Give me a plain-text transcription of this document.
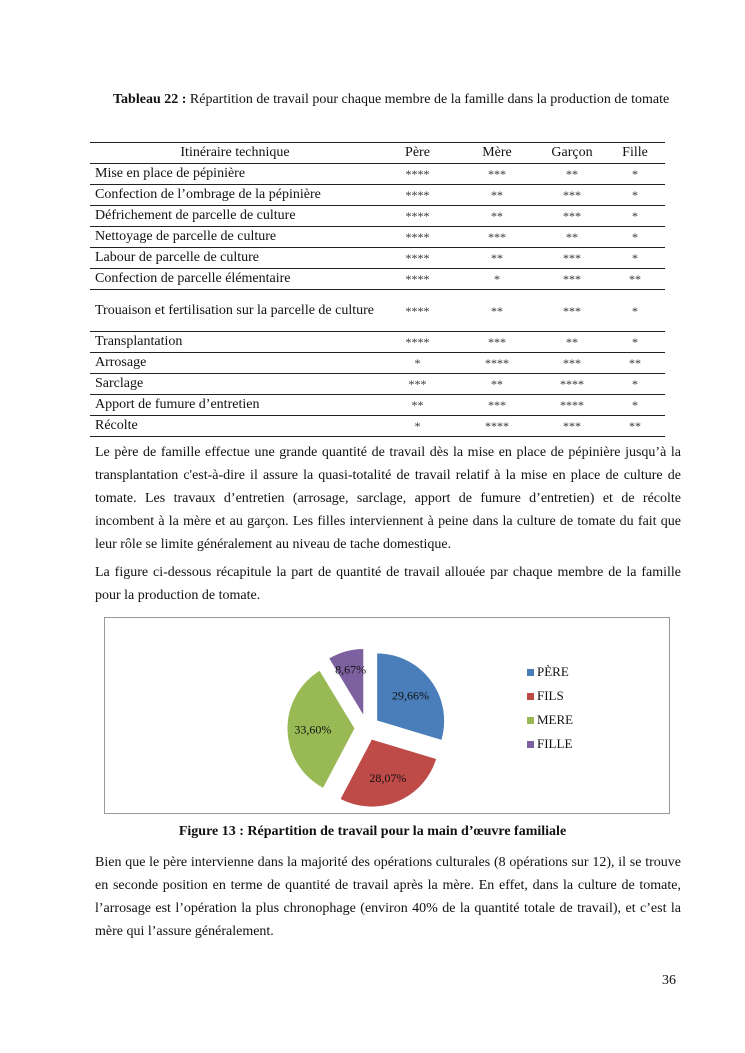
Tableau 22 : Répartition de travail pour chaque membre de la famille dans la production de tomate
Itinéraire technique	Père	Mère	Garçon	Fille
Mise en place de pépinière	****	***	**	*
Confection de l’ombrage de la pépinière	****	**	***	*
Défrichement de parcelle de culture	****	**	***	*
Nettoyage de parcelle de culture	****	***	**	*
Labour de parcelle de culture	****	**	***	*
Confection de parcelle élémentaire	****	*	***	**
Trouaison et fertilisation sur la parcelle de culture	****	**	***	*
Transplantation	****	***	**	*
Arrosage	*	****	***	**
Sarclage	***	**	****	*
Apport de fumure d’entretien	**	***	****	*
Récolte	*	****	***	**

Le père de famille effectue une grande quantité de travail dès la mise en place de pépinière jusqu’à la transplantation c'est-à-dire il assure la quasi-totalité de travail relatif à la mise en place de culture de tomate. Les travaux d’entretien (arrosage, sarclage, apport de fumure d’entretien) et de récolte incombent à la mère et au garçon. Les filles interviennent à peine dans la culture de tomate du fait que leur rôle se limite généralement au niveau de tache domestique.

La figure ci-dessous récapitule la part de quantité de travail allouée par chaque membre de la famille pour la production de tomate.

29,66%
28,07%
33,60%
8,67%	PÈRE
FILS
MERE
FILLE
Figure 13 : Répartition de travail pour la main d’œuvre familiale

Bien que le père intervienne dans la majorité des opérations culturales (8 opérations sur 12), il se trouve en seconde position en terme de quantité de travail après la mère. En effet, dans la culture de tomate, l’arrosage est l’opération la plus chronophage (environ 40% de la quantité totale de travail), et c’est la mère qui l’assure généralement.

36
